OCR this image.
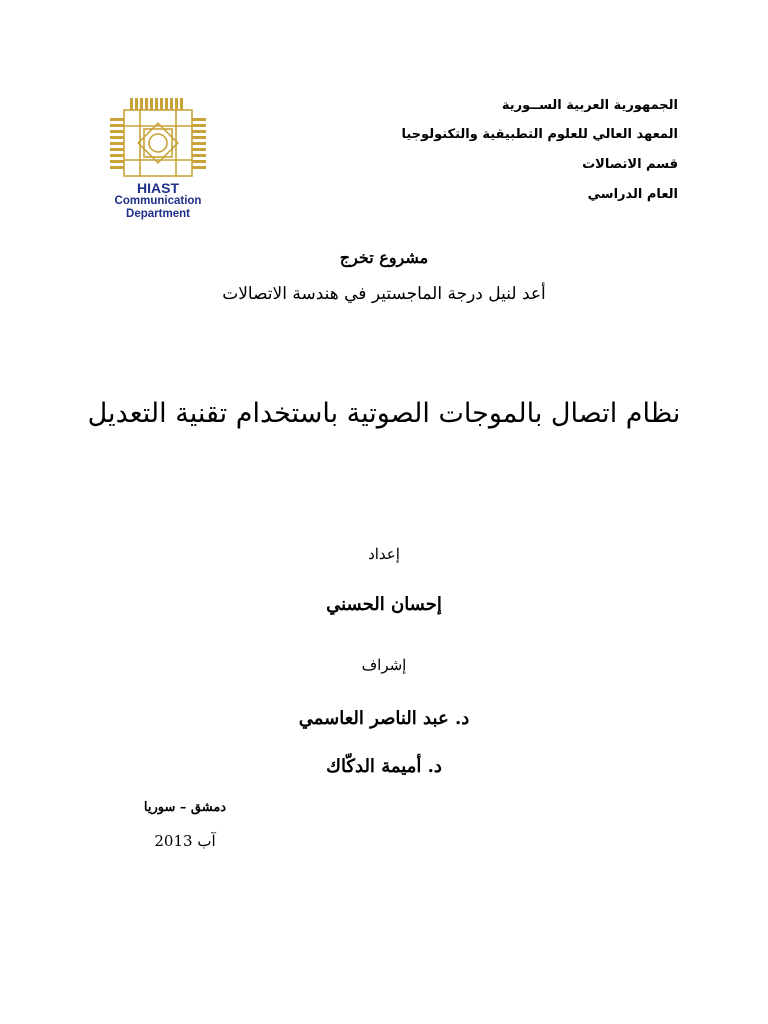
HIAST
Communication
Department
الجمهورية العربية الســورية
المعهد العالي للعلوم التطبيقية والتكنولوجيا
قسم الاتصالات
العام الدراسي
مشروع تخرج
أعد لنيل درجة الماجستير في هندسة الاتصالات
نظام اتصال بالموجات الصوتية باستخدام تقنية التعديل
إعداد
إحسان الحسني
إشراف
د. عبد الناصر العاسمي
د. أميمة الدكّاك
دمشق – سوريا
آب 2013
